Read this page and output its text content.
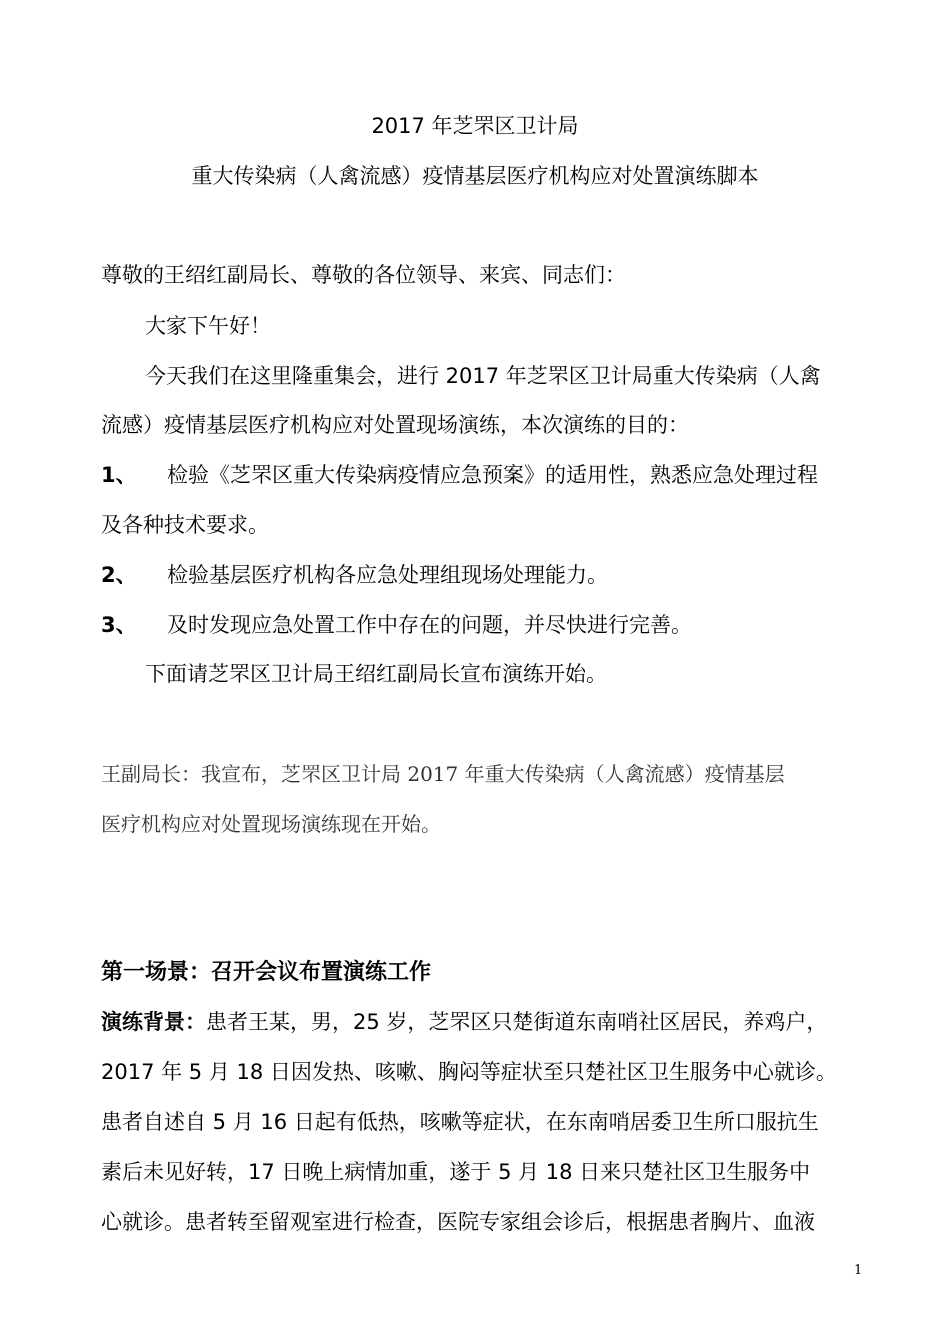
2017 年芝罘区卫计局
重大传染病（人禽流感）疫情基层医疗机构应对处置演练脚本
尊敬的王绍红副局长、尊敬的各位领导、来宾、同志们：
大家下午好！
今天我们在这里隆重集会，进行 2017 年芝罘区卫计局重大传染病（人禽
流感）疫情基层医疗机构应对处置现场演练，本次演练的目的：
1、 检验《芝罘区重大传染病疫情应急预案》的适用性，熟悉应急处理过程
及各种技术要求。
2、 检验基层医疗机构各应急处理组现场处理能力。
3、 及时发现应急处置工作中存在的问题，并尽快进行完善。
下面请芝罘区卫计局王绍红副局长宣布演练开始。
王副局长：我宣布，芝罘区卫计局 2017 年重大传染病（人禽流感）疫情基层
医疗机构应对处置现场演练现在开始。
第一场景：召开会议布置演练工作
演练背景：患者王某，男，25 岁，芝罘区只楚街道东南哨社区居民，养鸡户，
2017 年 5 月 18 日因发热、咳嗽、胸闷等症状至只楚社区卫生服务中心就诊。
患者自述自 5 月 16 日起有低热，咳嗽等症状，在东南哨居委卫生所口服抗生
素后未见好转，17 日晚上病情加重，遂于 5 月 18 日来只楚社区卫生服务中
心就诊。患者转至留观室进行检查，医院专家组会诊后，根据患者胸片、血液
1
